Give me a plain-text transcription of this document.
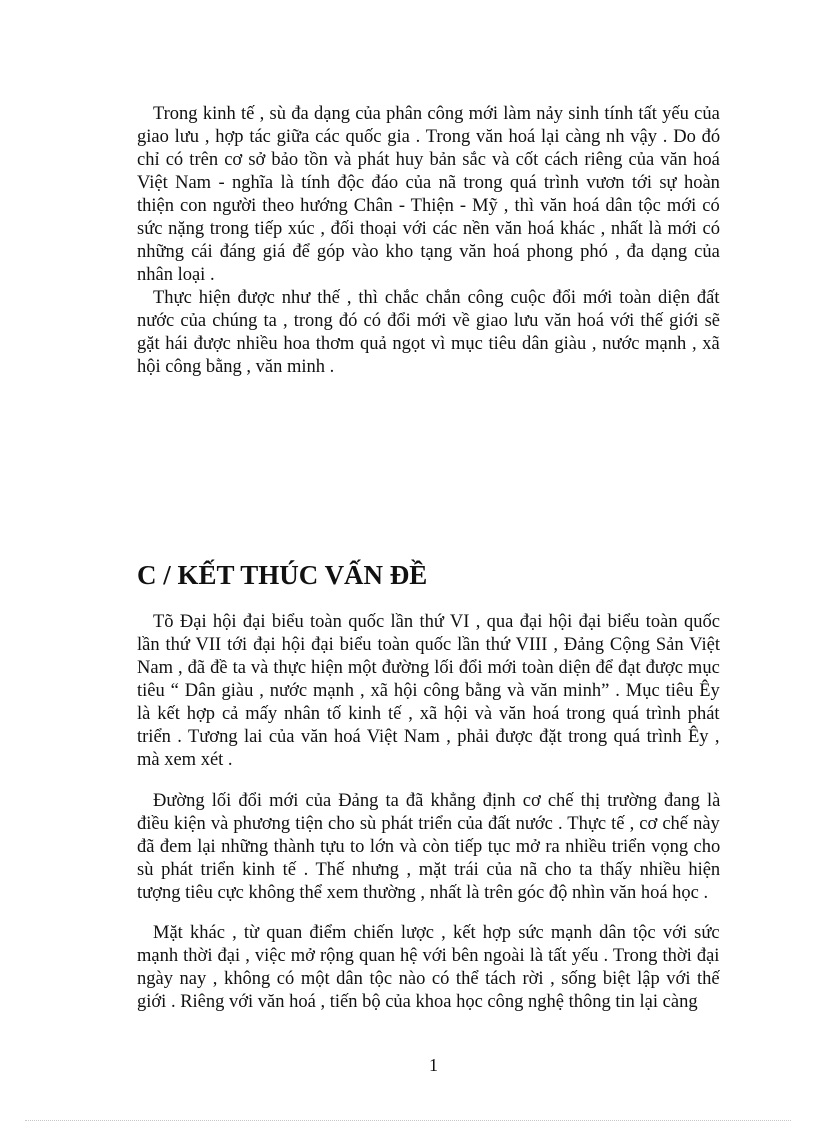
Trong kinh tế , sù đa dạng của phân công mới làm nảy sinh tính tất yếu của
giao lưu , hợp tác giữa các quốc gia . Trong văn hoá lại càng nh vậy . Do đó
chỉ có trên cơ sở bảo tồn và phát huy bản sắc và cốt cách riêng của văn hoá
Việt Nam - nghĩa là tính độc đáo của nã trong quá trình vươn tới sự hoàn
thiện con người theo hướng Chân - Thiện - Mỹ , thì văn hoá dân tộc mới có
sức nặng trong tiếp xúc , đối thoại với các nền văn hoá khác , nhất là mới có
những cái đáng giá để góp vào kho tạng văn hoá phong phó , đa dạng của
nhân loại .
Thực hiện được như thế , thì chắc chắn công cuộc đổi mới toàn diện đất
nước của chúng ta , trong đó có đổi mới về giao lưu văn hoá với thế giới sẽ
gặt hái được nhiều hoa thơm quả ngọt vì mục tiêu dân giàu , nước mạnh , xã
hội công bằng , văn minh .
C / KẾT THÚC VẤN ĐỀ
Tõ Đại hội đại biểu toàn quốc lần thứ VI , qua đại hội đại biểu toàn quốc
lần thứ VII tới đại hội đại biểu toàn quốc lần thứ VIII , Đảng Cộng Sản Việt
Nam , đã đề ta và thực hiện một đường lối đổi mới toàn diện để đạt được mục
tiêu “ Dân giàu , nước mạnh , xã hội công bằng và văn minh” . Mục tiêu Êy
là kết hợp cả mấy nhân tố kinh tế , xã hội và văn hoá trong quá trình phát
triển . Tương lai của văn hoá Việt Nam , phải được đặt trong quá trình Êy ,
mà xem xét .
Đường lối đổi mới của Đảng ta đã khẳng định cơ chế thị trường đang là
điều kiện và phương tiện cho sù phát triển của đất nước . Thực tế , cơ chế này
đã đem lại những thành tựu to lớn và còn tiếp tục mở ra nhiều triển vọng cho
sù phát triển kinh tế . Thế nhưng , mặt trái của nã cho ta thấy nhiều hiện
tượng tiêu cực không thể xem thường , nhất là trên góc độ nhìn văn hoá học .
Mặt khác , từ quan điểm chiến lược , kết hợp sức mạnh dân tộc với sức
mạnh thời đại , việc mở rộng quan hệ với bên ngoài là tất yếu . Trong thời đại
ngày nay , không có một dân tộc nào có thể tách rời , sống biệt lập với thế
giới . Riêng với văn hoá , tiến bộ của khoa học công nghệ thông tin lại càng
1
